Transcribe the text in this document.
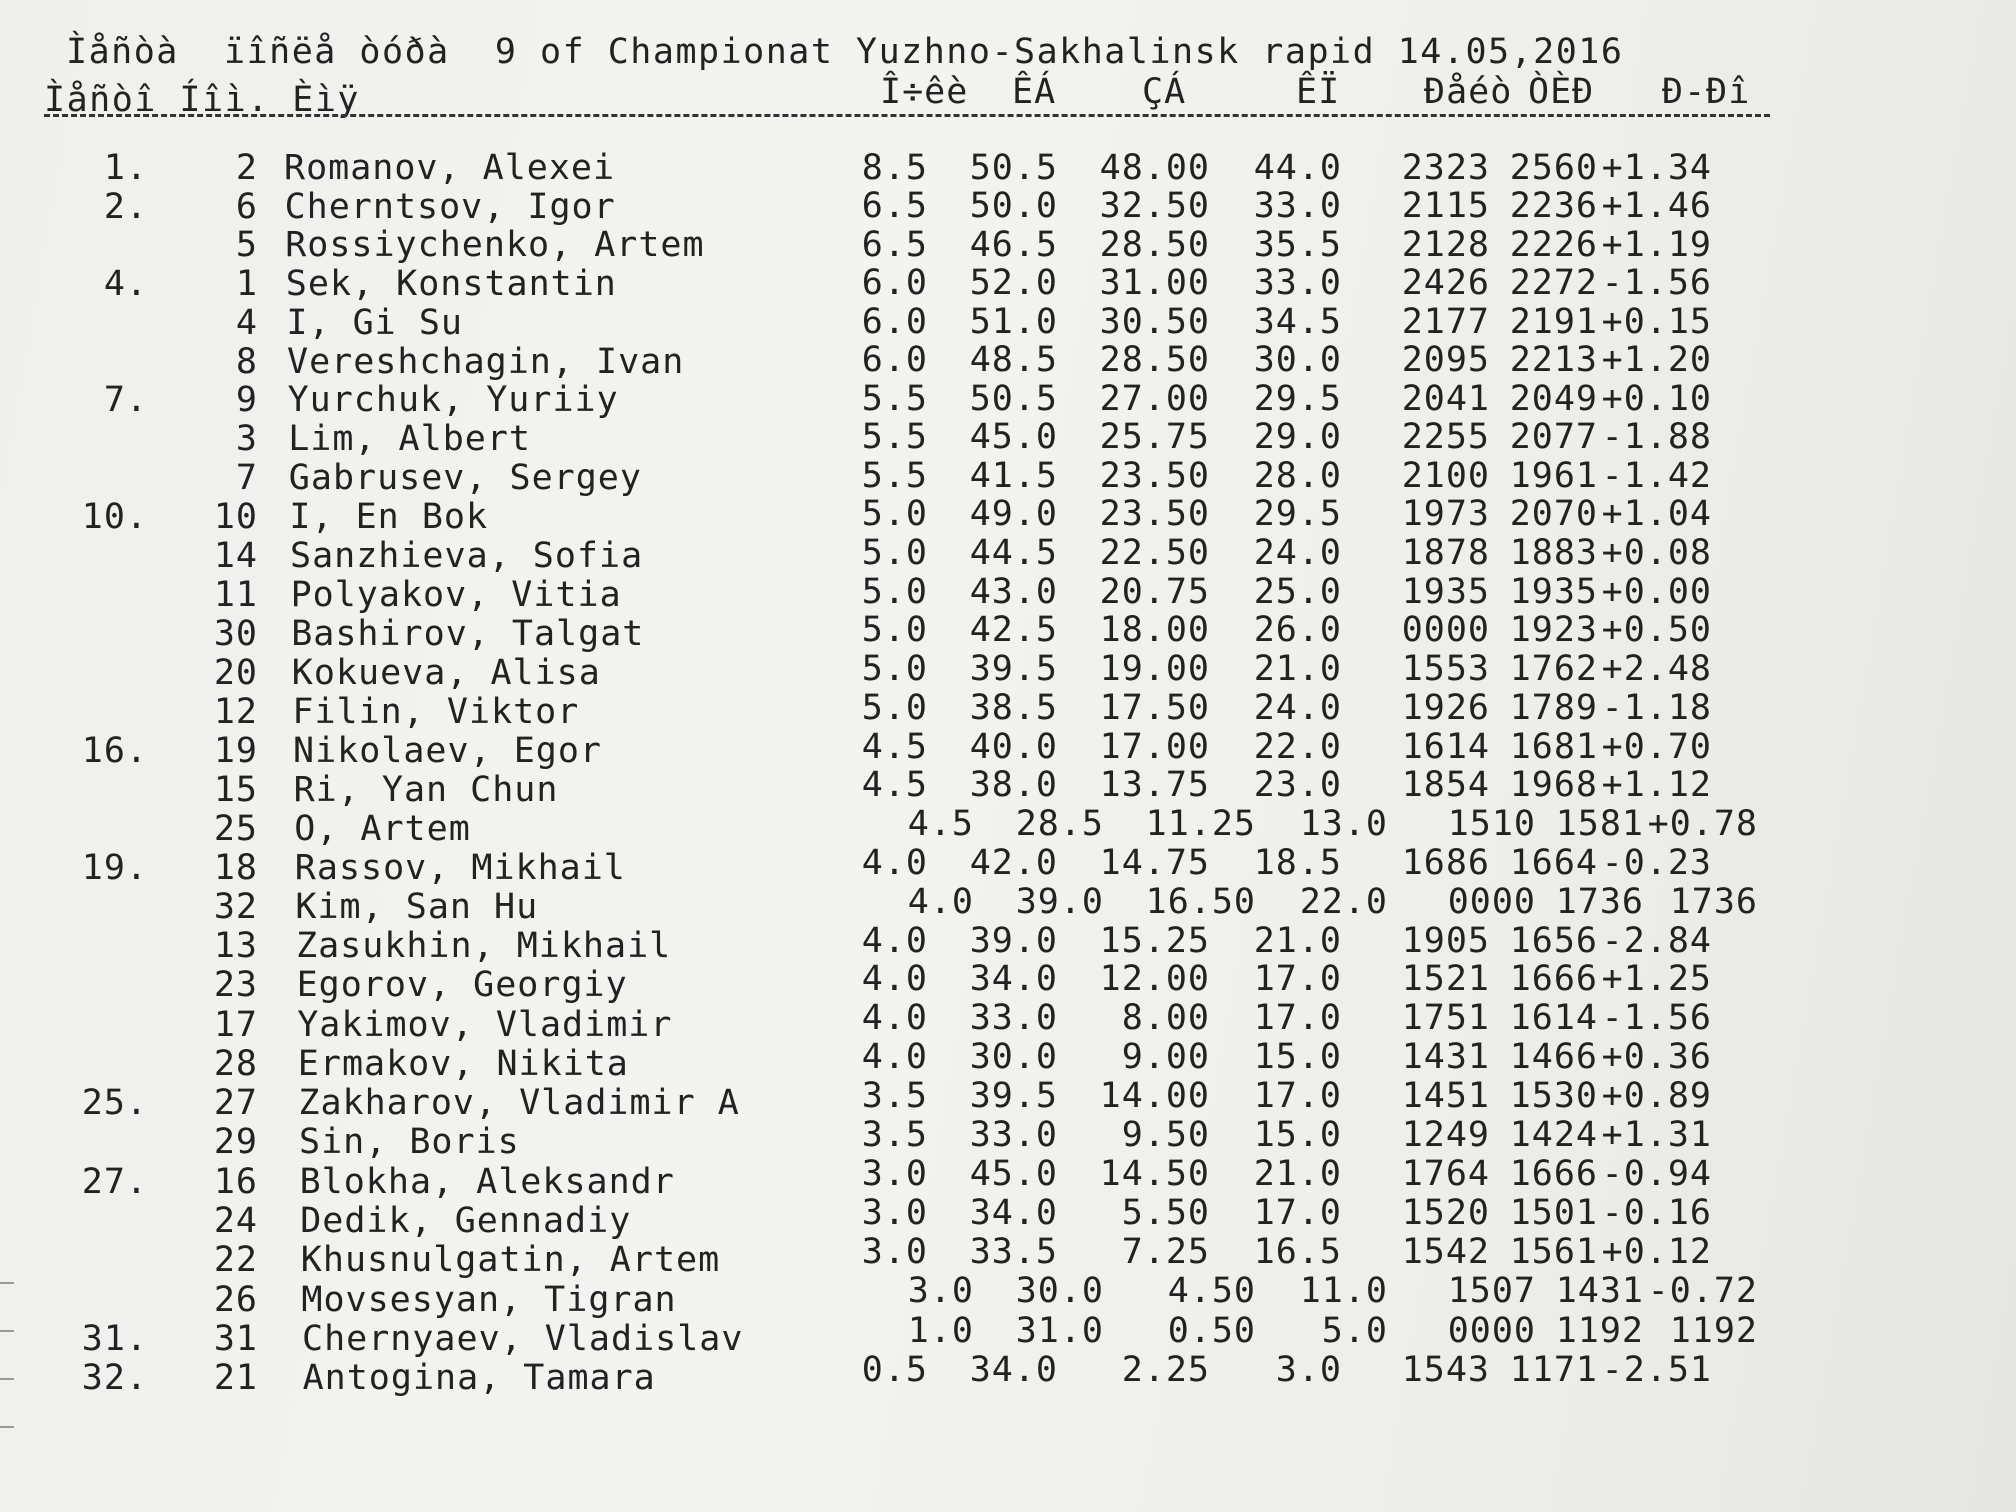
Ìåñòà  ïîñëå òóðà  9 of Championat Yuzhno-Sakhalinsk rapid 14.05,2016
Ìåñòî Íîì. Èìÿ	Î÷êè ÊÁ ÇÁ	ÊÏ Ðåéò ÒÈÐ Ð-Ðî
1.	2 Romanov, Alexei	8.5 50.5 48.00 44.0 2323 2560 +1.34
2.	6 Cherntsov, Igor	6.5 50.0 32.50 33.0 2115 2236 +1.46
5 Rossiychenko, Artem	6.5 46.5 28.50 35.5 2128 2226 +1.19
4.	1 Sek, Konstantin	6.0 52.0 31.00 33.0 2426 2272 -1.56
4 I, Gi Su	6.0 51.0 30.50 34.5 2177 2191 +0.15
8 Vereshchagin, Ivan	6.0 48.5 28.50 30.0 2095 2213 +1.20
7.	9 Yurchuk, Yuriiy	5.5 50.5 27.00 29.5 2041 2049 +0.10
3 Lim, Albert	5.5 45.0 25.75 29.0 2255 2077 -1.88
7 Gabrusev, Sergey	5.5 41.5 23.50 28.0 2100 1961 -1.42
10. 10 I, En Bok	5.0 49.0 23.50 29.5 1973 2070 +1.04
14 Sanzhieva, Sofia	5.0 44.5 22.50 24.0 1878 1883 +0.08
11 Polyakov, Vitia	5.0 43.0 20.75 25.0 1935 1935 +0.00
30 Bashirov, Talgat	5.0 42.5 18.00 26.0 0000 1923 +0.50
20 Kokueva, Alisa	5.0 39.5 19.00 21.0 1553 1762 +2.48
12 Filin, Viktor	5.0 38.5 17.50 24.0 1926 1789 -1.18
16. 19 Nikolaev, Egor	4.5 40.0 17.00 22.0 1614 1681 +0.70
15 Ri, Yan Chun	4.5 38.0 13.75 23.0 1854 1968 +1.12
25 O, Artem	4.5 28.5 11.25 13.0 1510 1581 +0.78
19. 18 Rassov, Mikhail	4.0 42.0 14.75 18.5 1686 1664 -0.23
32 Kim, San Hu	4.0 39.0 16.50 22.0 0000 1736 1736
13 Zasukhin, Mikhail	4.0 39.0 15.25 21.0 1905 1656 -2.84
23 Egorov, Georgiy	4.0 34.0 12.00 17.0 1521 1666 +1.25
17 Yakimov, Vladimir	4.0 33.0 8.00 17.0 1751 1614 -1.56
28 Ermakov, Nikita	4.0 30.0 9.00 15.0 1431 1466 +0.36
25. 27 Zakharov, Vladimir A	3.5 39.5 14.00 17.0 1451 1530 +0.89
29 Sin, Boris	3.5 33.0 9.50 15.0 1249 1424 +1.31
27. 16 Blokha, Aleksandr	3.0 45.0 14.50 21.0 1764 1666 -0.94
24 Dedik, Gennadiy	3.0 34.0 5.50 17.0 1520 1501 -0.16
22 Khusnulgatin, Artem	3.0 33.5 7.25 16.5 1542 1561 +0.12
26 Movsesyan, Tigran	3.0 30.0 4.50 11.0 1507 1431 -0.72
31. 31 Chernyaev, Vladislav	1.0 31.0 0.50 5.0 0000 1192 1192
32. 21 Antogina, Tamara	0.5 34.0 2.25 3.0 1543 1171 -2.51
